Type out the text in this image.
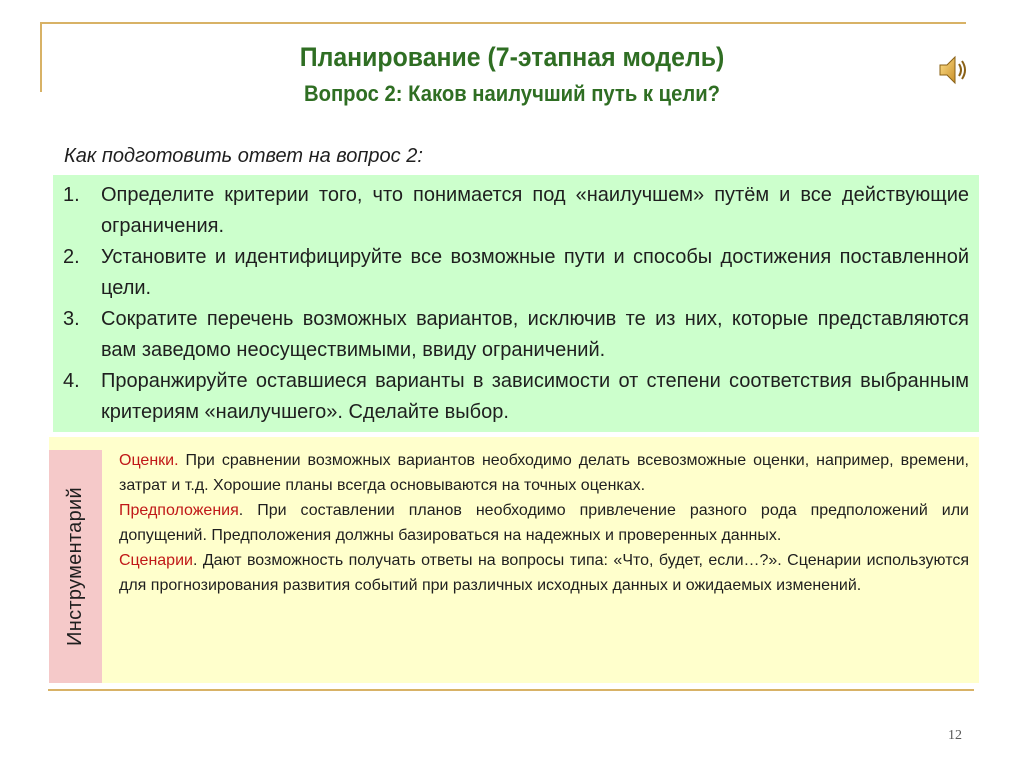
Планирование (7-этапная модель)
Вопрос 2: Каков наилучший путь к цели?
Как подготовить ответ на вопрос 2:
1.	Определите критерии того, что понимается под «наилучшем» путём и все действующие ограничения.
2.	Установите и идентифицируйте все возможные пути и способы достижения поставленной цели.
3.	Сократите перечень возможных вариантов, исключив те из них, которые представляются вам заведомо неосуществимыми, ввиду ограничений.
4.	Проранжируйте оставшиеся варианты в зависимости от степени соответствия выбранным критериям «наилучшего». Сделайте выбор.
Инструментарий

Оценки. При сравнении возможных вариантов необходимо делать всевозможные оценки, например, времени, затрат и т.д. Хорошие планы всегда основываются на точных оценках.

Предположения. При составлении планов необходимо привлечение разного рода предположений или допущений. Предположения должны базироваться на надежных и проверенных данных.

Сценарии. Дают возможность получать ответы на вопросы типа: «Что, будет, если…?». Сценарии используются для прогнозирования развития событий при различных исходных данных и ожидаемых изменений.

12
